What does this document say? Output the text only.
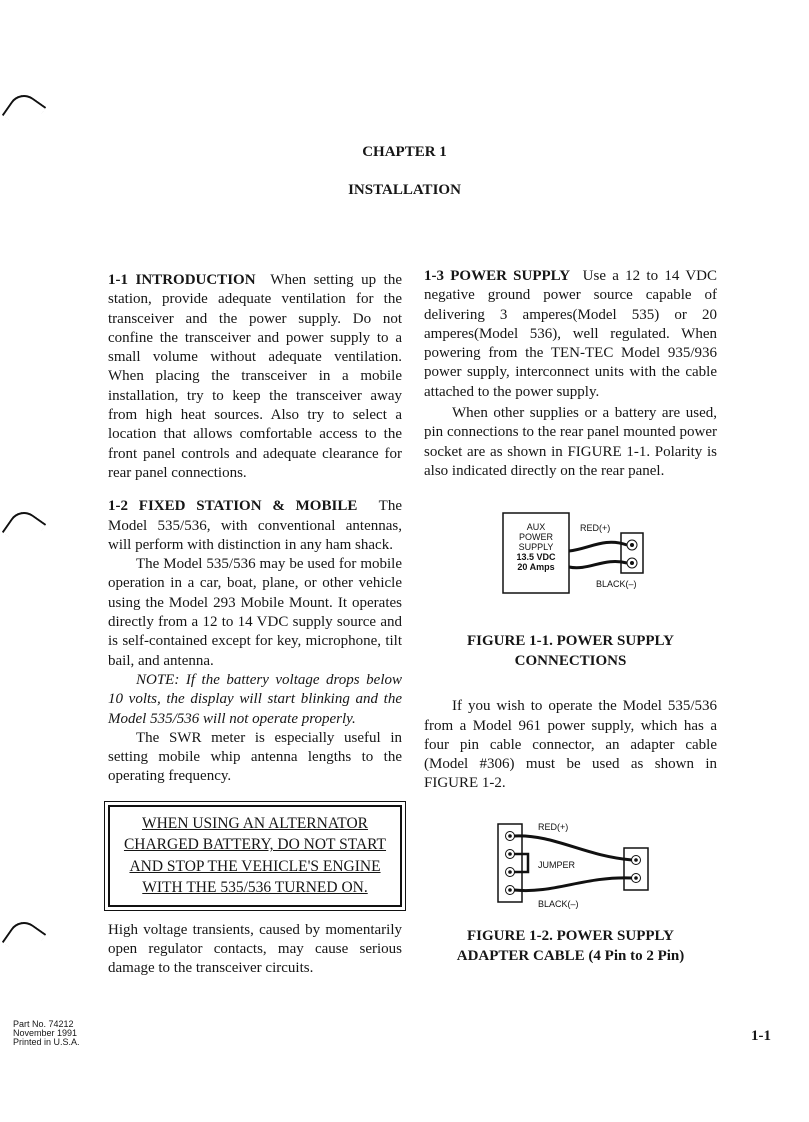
CHAPTER 1
INSTALLATION

1-1 INTRODUCTION When setting up the station, provide adequate ventilation for the transceiver and the power supply. Do not confine the transceiver and power supply to a small volume without adequate ventilation. When placing the transceiver in a mobile installation, try to keep the transceiver away from high heat sources. Also try to select a location that allows comfortable access to the front panel controls and adequate clearance for rear panel connections.

1-2 FIXED STATION & MOBILE The Model 535/536, with conventional antennas, will perform with distinction in any ham shack.

The Model 535/536 may be used for mobile operation in a car, boat, plane, or other vehicle using the Model 293 Mobile Mount. It operates directly from a 12 to 14 VDC supply source and is self-contained except for key, microphone, tilt bail, and antenna.

NOTE: If the battery voltage drops below 10 volts, the display will start blinking and the Model 535/536 will not operate properly.

The SWR meter is especially useful in setting mobile whip antenna lengths to the operating frequency.

WHEN USING AN ALTERNATOR
CHARGED BATTERY, DO NOT START
AND STOP THE VEHICLE'S ENGINE
WITH THE 535/536 TURNED ON.

High voltage transients, caused by momentarily open regulator contacts, may cause serious damage to the transceiver circuits.

1-3 POWER SUPPLY Use a 12 to 14 VDC negative ground power source capable of delivering 3 amperes(Model 535) or 20 amperes(Model 536), well regulated. When powering from the TEN-TEC Model 935/936 power supply, interconnect units with the cable attached to the power supply.

When other supplies or a battery are used, pin connections to the rear panel mounted power socket are as shown in FIGURE 1-1. Polarity is also indicated directly on the rear panel.

AUX
POWER
SUPPLY
13.5 VDC
20 Amps
RED(+)
BLACK(–)
FIGURE 1-1. POWER SUPPLY
CONNECTIONS

If you wish to operate the Model 535/536 from a Model 961 power supply, which has a four pin cable connector, an adapter cable (Model #306) must be used as shown in FIGURE 1-2.

RED(+)
JUMPER
BLACK(–)
FIGURE 1-2. POWER SUPPLY
ADAPTER CABLE (4 Pin to 2 Pin)
Part No. 74212
November 1991
Printed in U.S.A.	1-1
